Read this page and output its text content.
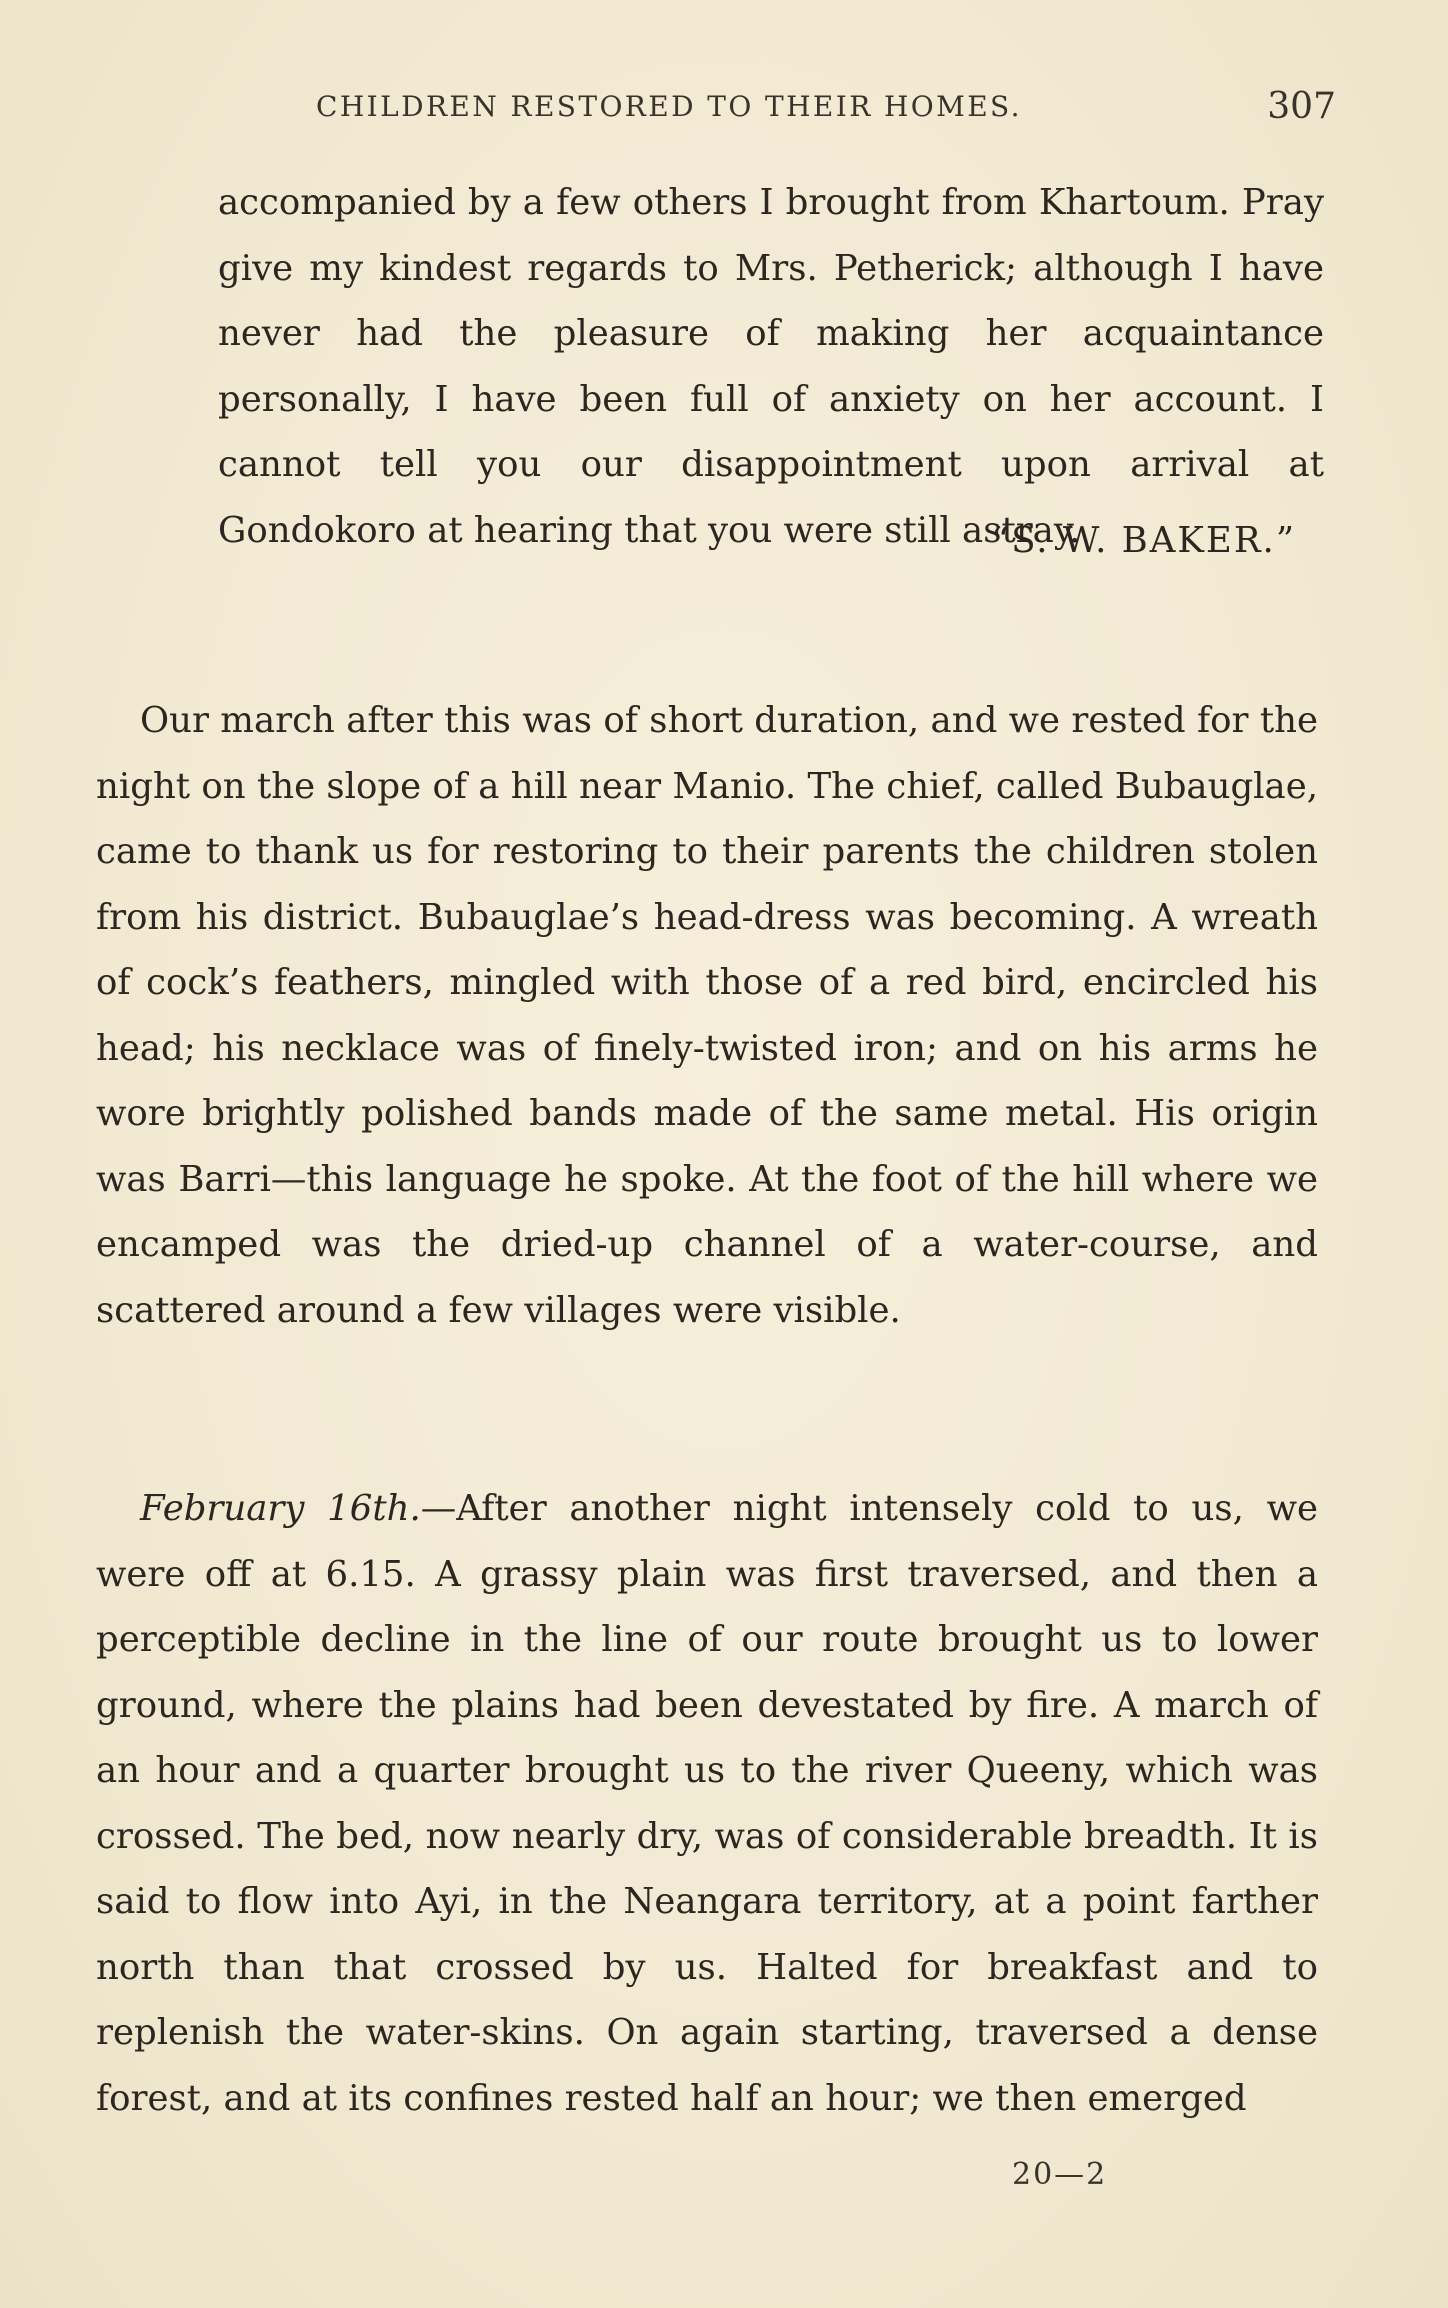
CHILDREN RESTORED TO THEIR HOMES.	307

accompanied by a few others I brought from Khartoum. Pray give my kindest regards to Mrs. Petherick; although I have never had the pleasure of making her acquaintance personally, I have been full of anxiety on her account. I cannot tell you our disappointment upon arrival at Gondokoro at hearing that you were still astray.

“S. W. BAKER.”

Our march after this was of short duration, and we rested for the night on the slope of a hill near Manio. The chief, called Bubauglae, came to thank us for restoring to their parents the children stolen from his district. Bubauglae’s head-dress was becoming. A wreath of cock’s feathers, mingled with those of a red bird, encircled his head; his necklace was of finely-twisted iron; and on his arms he wore brightly polished bands made of the same metal. His origin was Barri—this language he spoke. At the foot of the hill where we encamped was the dried-up channel of a water-course, and scattered around a few villages were visible.

February 16th.—After another night intensely cold to us, we were off at 6.15. A grassy plain was first traversed, and then a perceptible decline in the line of our route brought us to lower ground, where the plains had been devestated by fire. A march of an hour and a quarter brought us to the river Queeny, which was crossed. The bed, now nearly dry, was of considerable breadth. It is said to flow into Ayi, in the Neangara territory, at a point farther north than that crossed by us. Halted for breakfast and to replenish the water-skins. On again starting, traversed a dense forest, and at its confines rested half an hour; we then emerged

20—2
